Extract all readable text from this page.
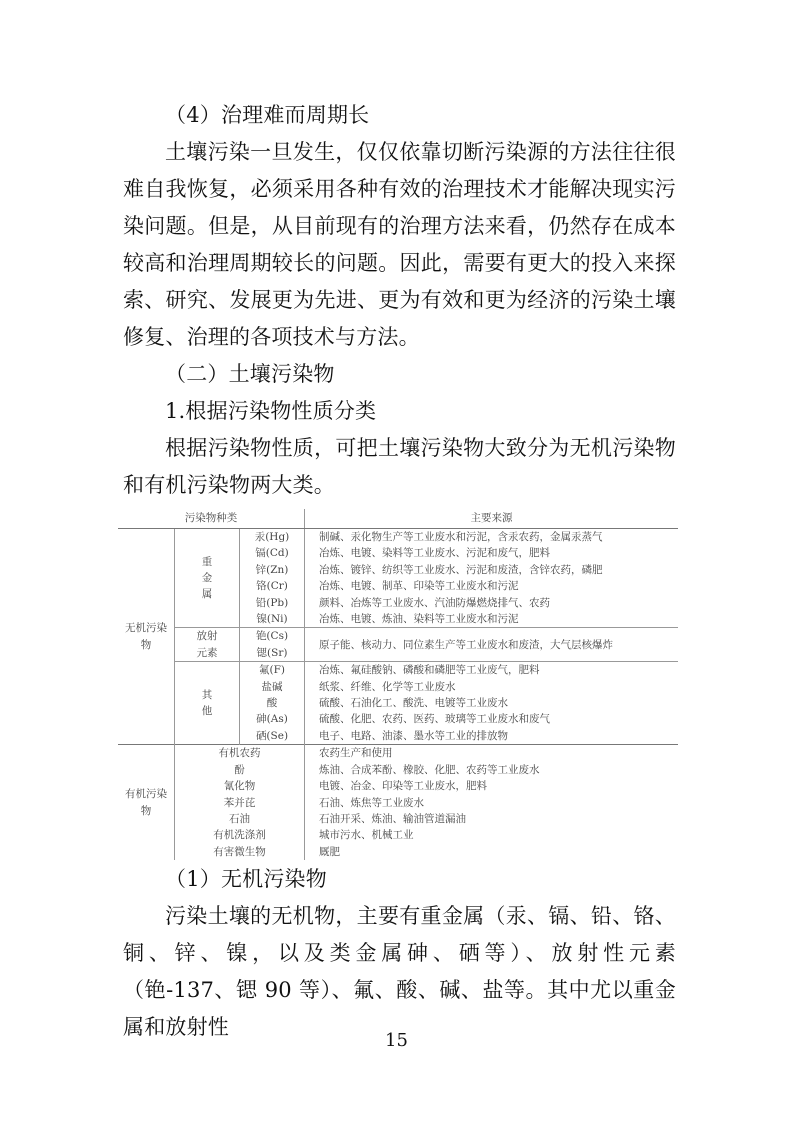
（4）治理难而周期长
土壤污染一旦发生，仅仅依靠切断污染源的方法往往很难自我恢复，必须采用各种有效的治理技术才能解决现实污染问题。但是，从目前现有的治理方法来看，仍然存在成本较高和治理周期较长的问题。因此，需要有更大的投入来探索、研究、发展更为先进、更为有效和更为经济的污染土壤修复、治理的各项技术与方法。
（二）土壤污染物
1.根据污染物性质分类
根据污染物性质，可把土壤污染物大致分为无机污染物和有机污染物两大类。
污染物种类			主要来源
无机污染物	重
金
属	汞(Hg)	制碱、汞化物生产等工业废水和污泥，含汞农药，金属汞蒸气
		镉(Cd)	冶炼、电镀、染料等工业废水、污泥和废气，肥料
		锌(Zn)	冶炼、镀锌、纺织等工业废水、污泥和废渣，含锌农药，磷肥
		铬(Cr)	冶炼、电镀、制革、印染等工业废水和污泥
		铅(Pb)	颜料、冶炼等工业废水、汽油防爆燃烧排气、农药
		镍(Ni)	冶炼、电镀、炼油、染料等工业废水和污泥
	放射
元素	铯(Cs)	原子能、核动力、同位素生产等工业废水和废渣，大气层核爆炸
		锶(Sr)	
	其
他	氟(F)	冶炼、氟硅酸钠、磷酸和磷肥等工业废气，肥料
		盐碱	纸浆、纤维、化学等工业废水
		酸	硫酸、石油化工、酸洗、电镀等工业废水
		砷(As)	硫酸、化肥、农药、医药、玻璃等工业废水和废气
		硒(Se)	电子、电路、油漆、墨水等工业的排放物
有机污染物	有机农药		农药生产和使用
	酚		炼油、合成苯酚、橡胶、化肥、农药等工业废水
	氰化物		电镀、冶金、印染等工业废水，肥料
	苯并芘		石油、炼焦等工业废水
	石油		石油开采、炼油、输油管道漏油
	有机洗涤剂		城市污水、机械工业
	有害微生物		厩肥
（1）无机污染物
污染土壤的无机物，主要有重金属（汞、镉、铅、铬、铜、锌、镍，以及类金属砷、硒等）、放射性元素（铯-137、锶 90 等）、氟、酸、碱、盐等。其中尤以重金属和放射性
15
